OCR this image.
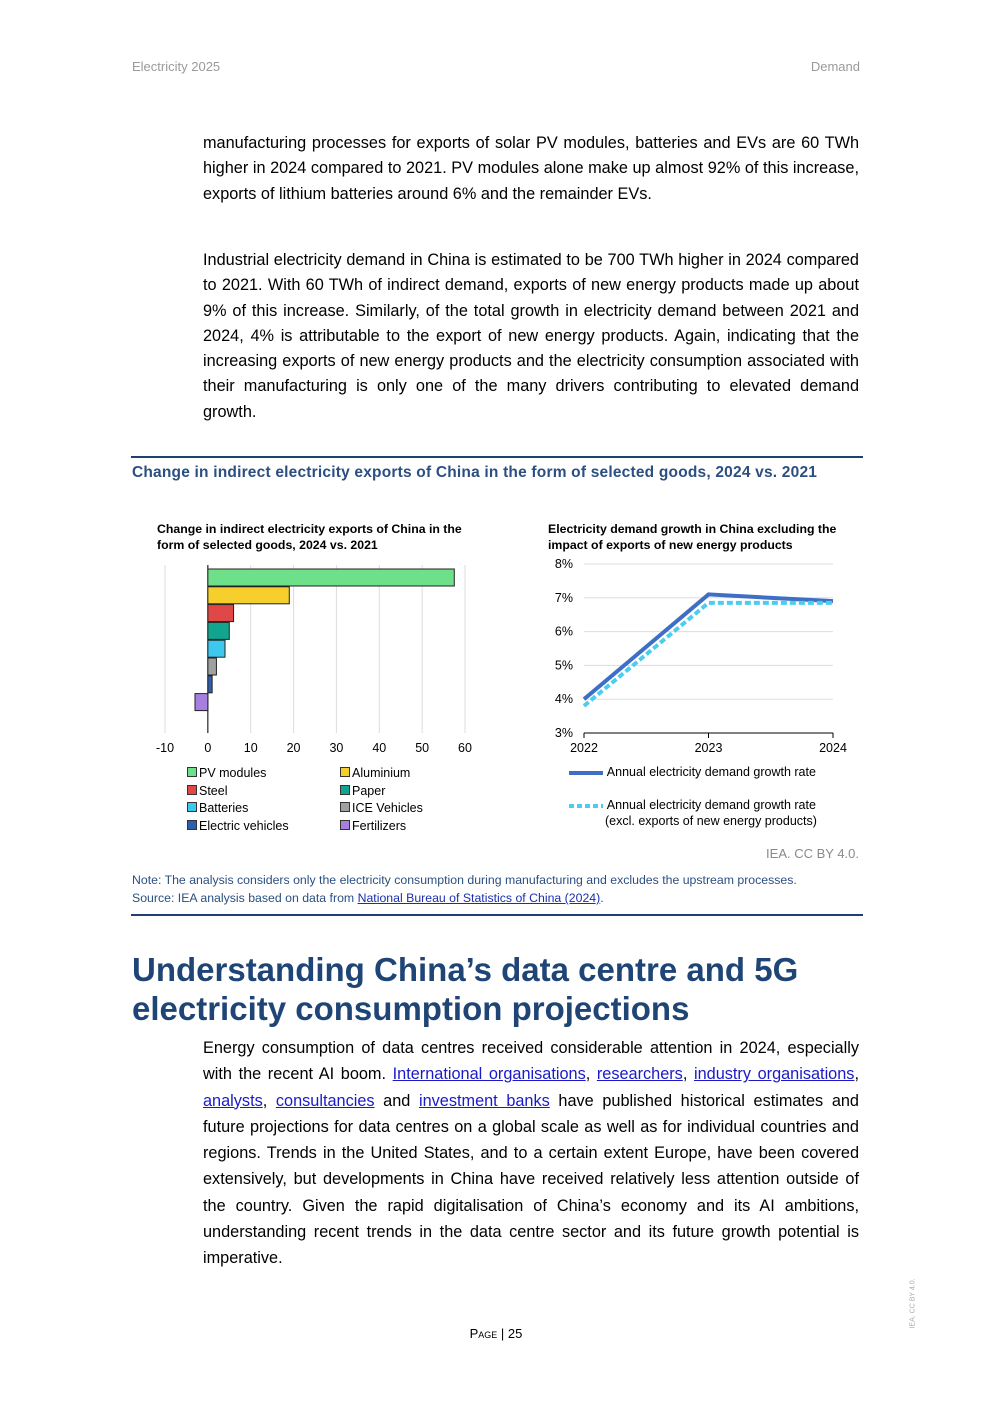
Electricity 2025	Demand

manufacturing processes for exports of solar PV modules, batteries and EVs are 60 TWh higher in 2024 compared to 2021. PV modules alone make up almost 92% of this increase, exports of lithium batteries around 6% and the remainder EVs.

Industrial electricity demand in China is estimated to be 700 TWh higher in 2024 compared to 2021. With 60 TWh of indirect demand, exports of new energy products made up about 9% of this increase. Similarly, of the total growth in electricity demand between 2021 and 2024, 4% is attributable to the export of new energy products. Again, indicating that the increasing exports of new energy products and the electricity consumption associated with their manufacturing is only one of the many drivers contributing to elevated demand growth.

Change in indirect electricity exports of China in the form of selected goods, 2024 vs. 2021
Change in indirect electricity exports of China in the form of selected goods, 2024 vs. 2021
-10 0	10 20 30 40 50 60
PV modules	Aluminium
Steel	Paper
Batteries	ICE Vehicles
Electric vehicles	Fertilizers
Electricity demand growth in China excluding the impact of exports of new energy products
3%
4%
5%
6%
7%
8%
2022	2023	2024
Annual electricity demand growth rate
Annual electricity demand growth rate
(excl. exports of new energy products)
IEA. CC BY 4.0.
Note: The analysis considers only the electricity consumption during manufacturing and excludes the upstream processes.
Source: IEA analysis based on data from National Bureau of Statistics of China (2024).
Understanding China’s data centre and 5G electricity consumption projections

Energy consumption of data centres received considerable attention in 2024, especially with the recent AI boom. International organisations, researchers, industry organisations, analysts, consultancies and investment banks have published historical estimates and future projections for data centres on a global scale as well as for individual countries and regions. Trends in the United States, and to a certain extent Europe, have been covered extensively, but developments in China have received relatively less attention outside of the country. Given the rapid digitalisation of China’s economy and its AI ambitions, understanding recent trends in the data centre sector and its future growth potential is imperative.

Page | 25
IEA. CC BY 4.0.
